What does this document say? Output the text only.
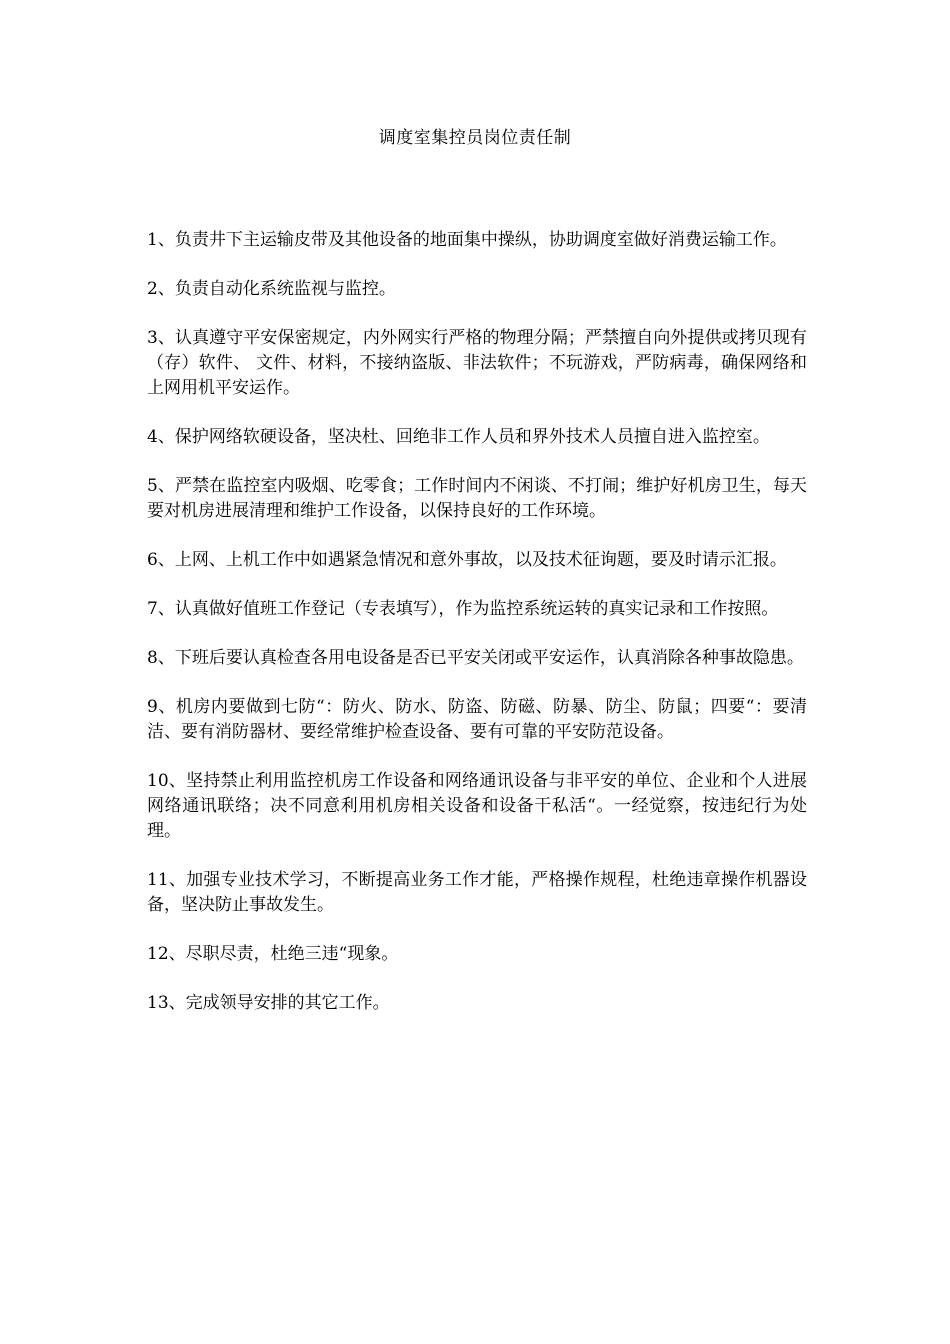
调度室集控员岗位责任制
1、负责井下主运输皮带及其他设备的地面集中操纵，协助调度室做好消费运输工作。
2、负责自动化系统监视与监控。
3、认真遵守平安保密规定，内外网实行严格的物理分隔；严禁擅自向外提供或拷贝现有（存）软件、 文件、材料，不接纳盗版、非法软件；不玩游戏，严防病毒，确保网络和上网用机平安运作。
4、保护网络软硬设备，坚决杜、回绝非工作人员和界外技术人员擅自进入监控室。
5、严禁在监控室内吸烟、吃零食；工作时间内不闲谈、不打闹；维护好机房卫生，每天要对机房进展清理和维护工作设备，以保持良好的工作环境。
6、上网、上机工作中如遇紧急情况和意外事故，以及技术征询题，要及时请示汇报。
7、认真做好值班工作登记（专表填写），作为监控系统运转的真实记录和工作按照。
8、下班后要认真检查各用电设备是否已平安关闭或平安运作，认真消除各种事故隐患。
9、机房内要做到七防“：防火、防水、防盗、防磁、防暴、防尘、防鼠；四要“：要清洁、要有消防器材、要经常维护检查设备、要有可靠的平安防范设备。
10、坚持禁止利用监控机房工作设备和网络通讯设备与非平安的单位、企业和个人进展网络通讯联络；决不同意利用机房相关设备和设备干私活“。一经觉察，按违纪行为处理。
11、加强专业技术学习，不断提高业务工作才能，严格操作规程，杜绝违章操作机器设备，坚决防止事故发生。
12、尽职尽责，杜绝三违“现象。
13、完成领导安排的其它工作。
